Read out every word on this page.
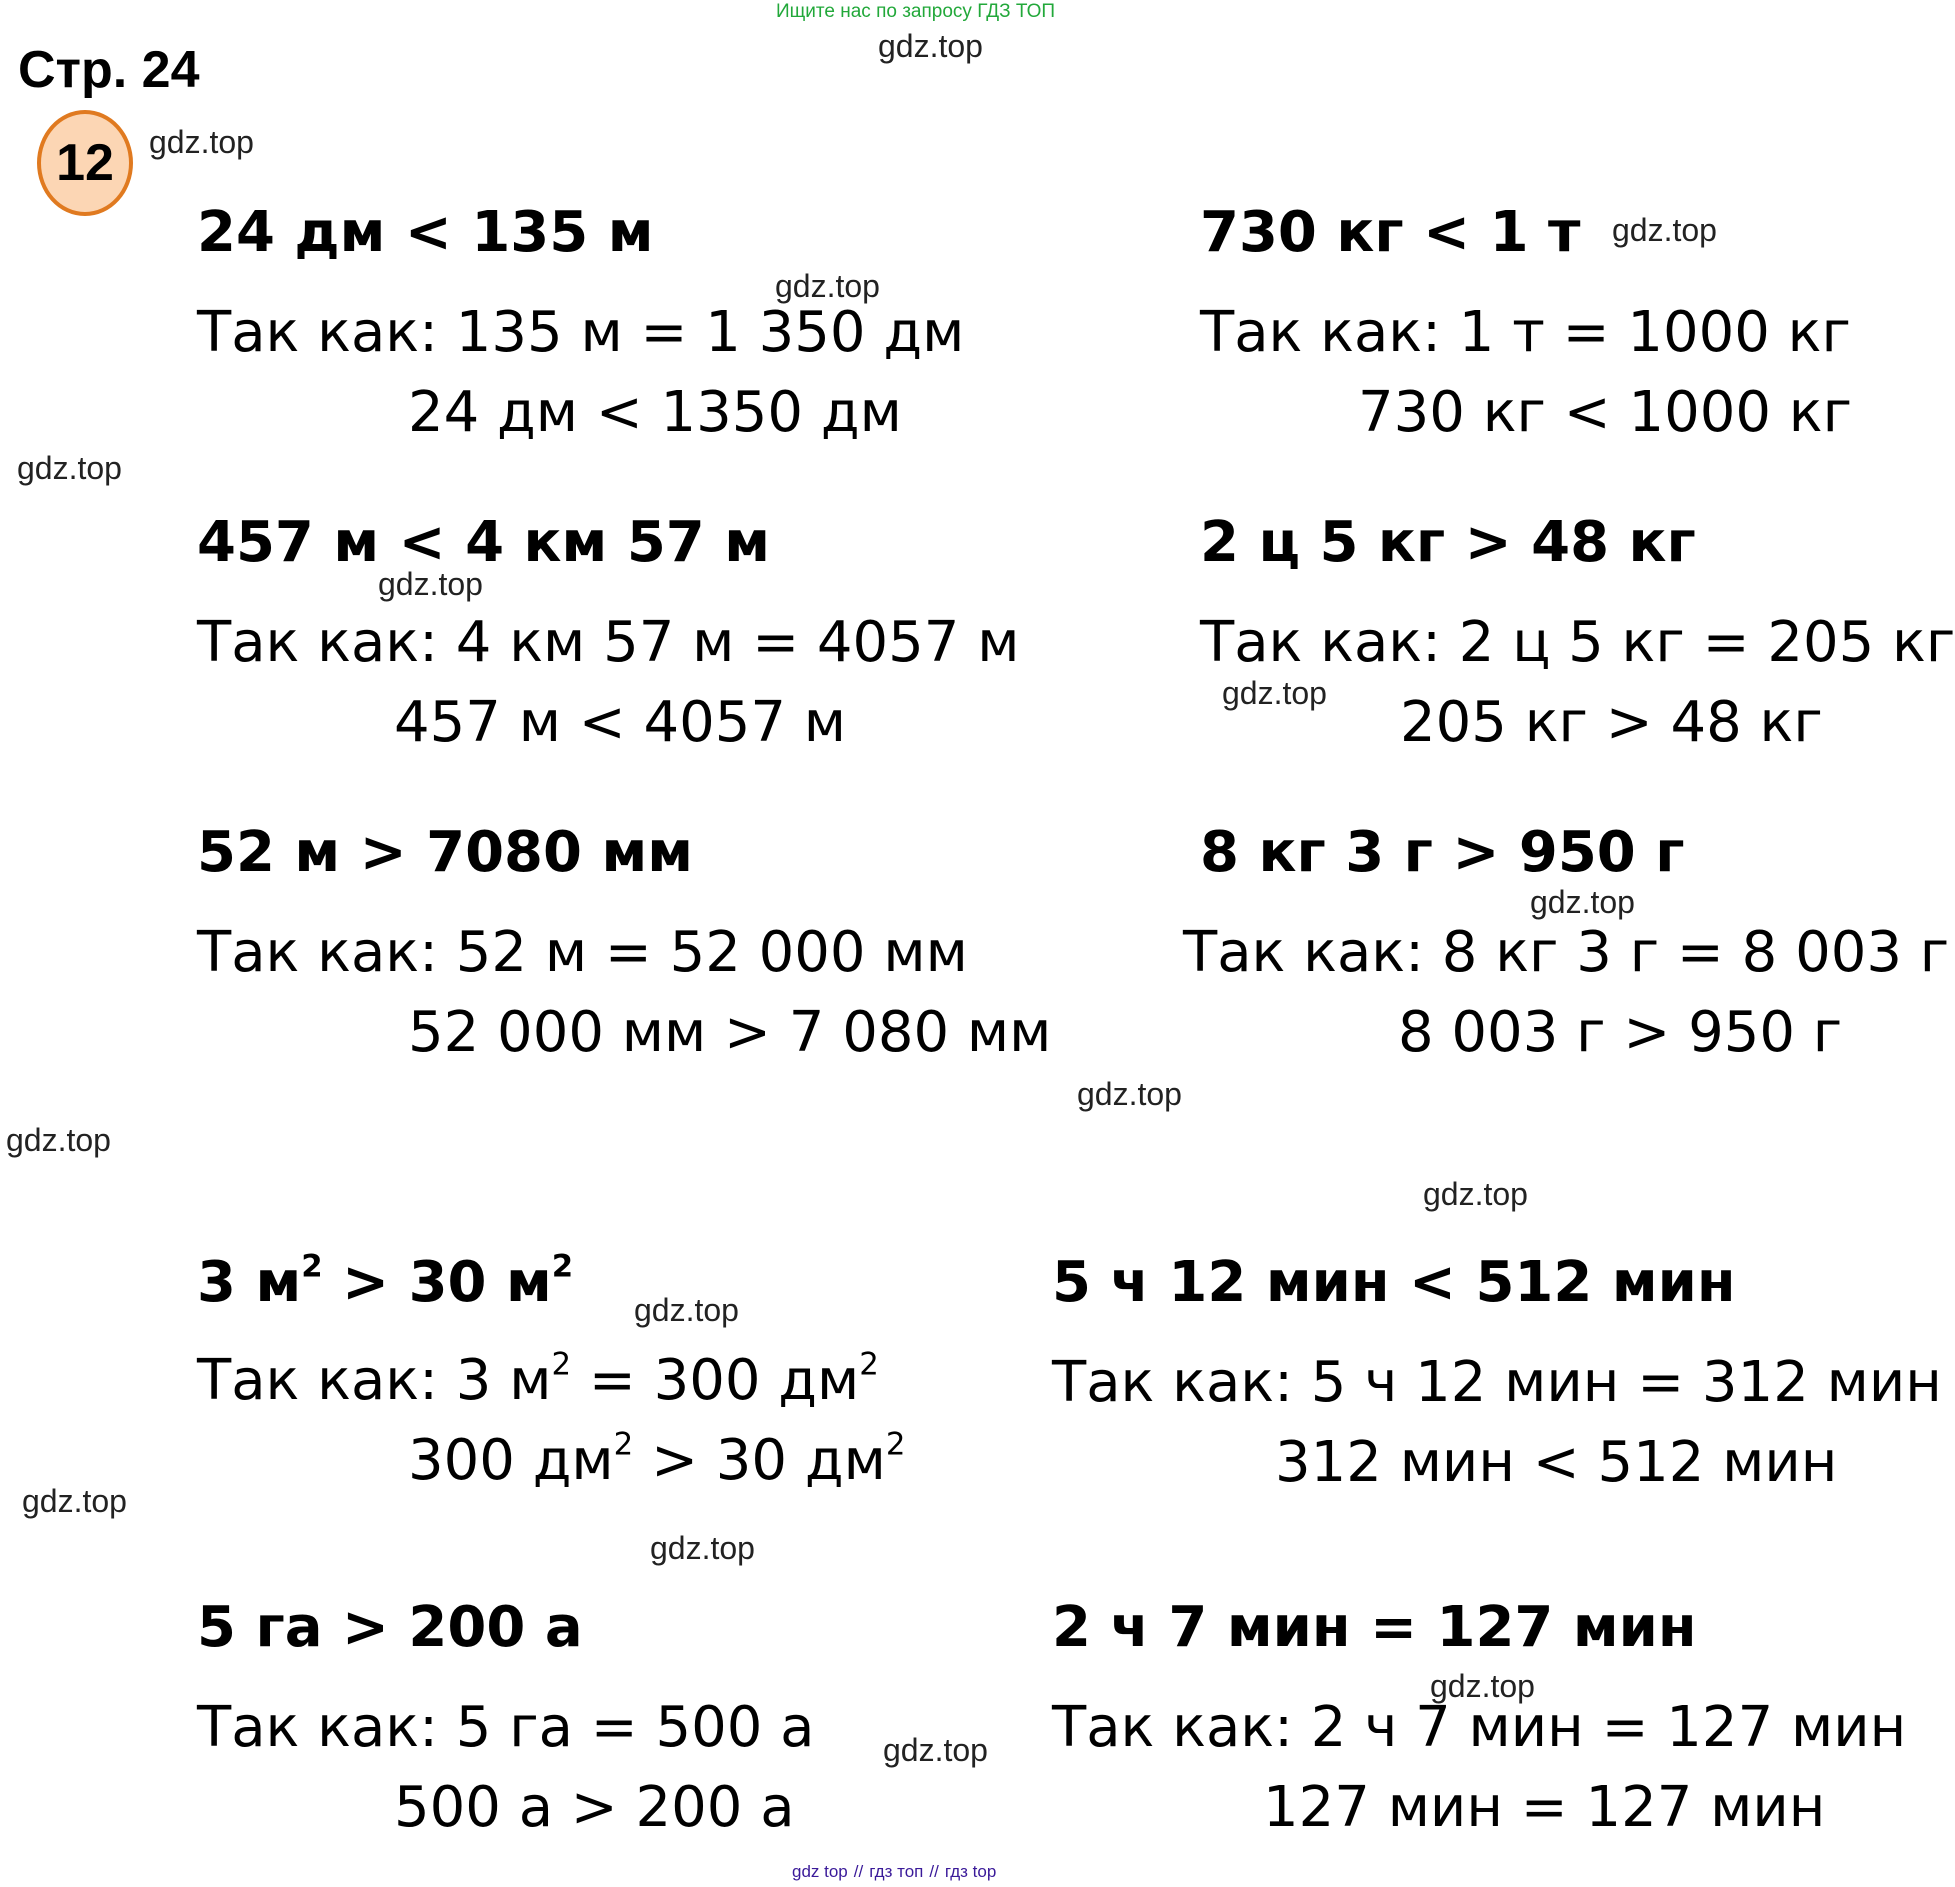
Ищите нас по запросу ГДЗ ТОП
gdz.top
Стр. 24
12 gdz.top
gdz.top
gdz.top
gdz.top
gdz.top
gdz.top
gdz.top
gdz.top
gdz.top
gdz.top
gdz.top
gdz.top
gdz.top
gdz.top
gdz.top
24 дм < 135 м
Так как: 135 м = 1 350 дм
24 дм < 1350 дм
730 кг < 1 т
Так как: 1 т = 1000 кг
730 кг < 1000 кг
457 м < 4 км 57 м
Так как: 4 км 57 м = 4057 м
457 м < 4057 м
2 ц 5 кг > 48 кг
Так как: 2 ц 5 кг = 205 кг
205 кг > 48 кг
52 м > 7080 мм
Так как: 52 м = 52 000 мм
52 000 мм > 7 080 мм
8 кг 3 г > 950 г
Так как: 8 кг 3 г = 8 003 г
8 003 г > 950 г
3 $м^2 > 30$ $м^2$
Так как: 3 $м^2 = 300$ $дм^2$
300 $дм^2 > 30$ $дм^2$
5 ч 12 мин < 512 мин
Так как: 5 ч 12 мин = 312 мин
312 мин < 512 мин
5 га > 200 а
Так как: 5 га = 500 а
500 а > 200 а
2 ч 7 мин = 127 мин
Так как: 2 ч 7 мин = 127 мин
127 мин = 127 мин
gdz top // гдз топ // гдз top
